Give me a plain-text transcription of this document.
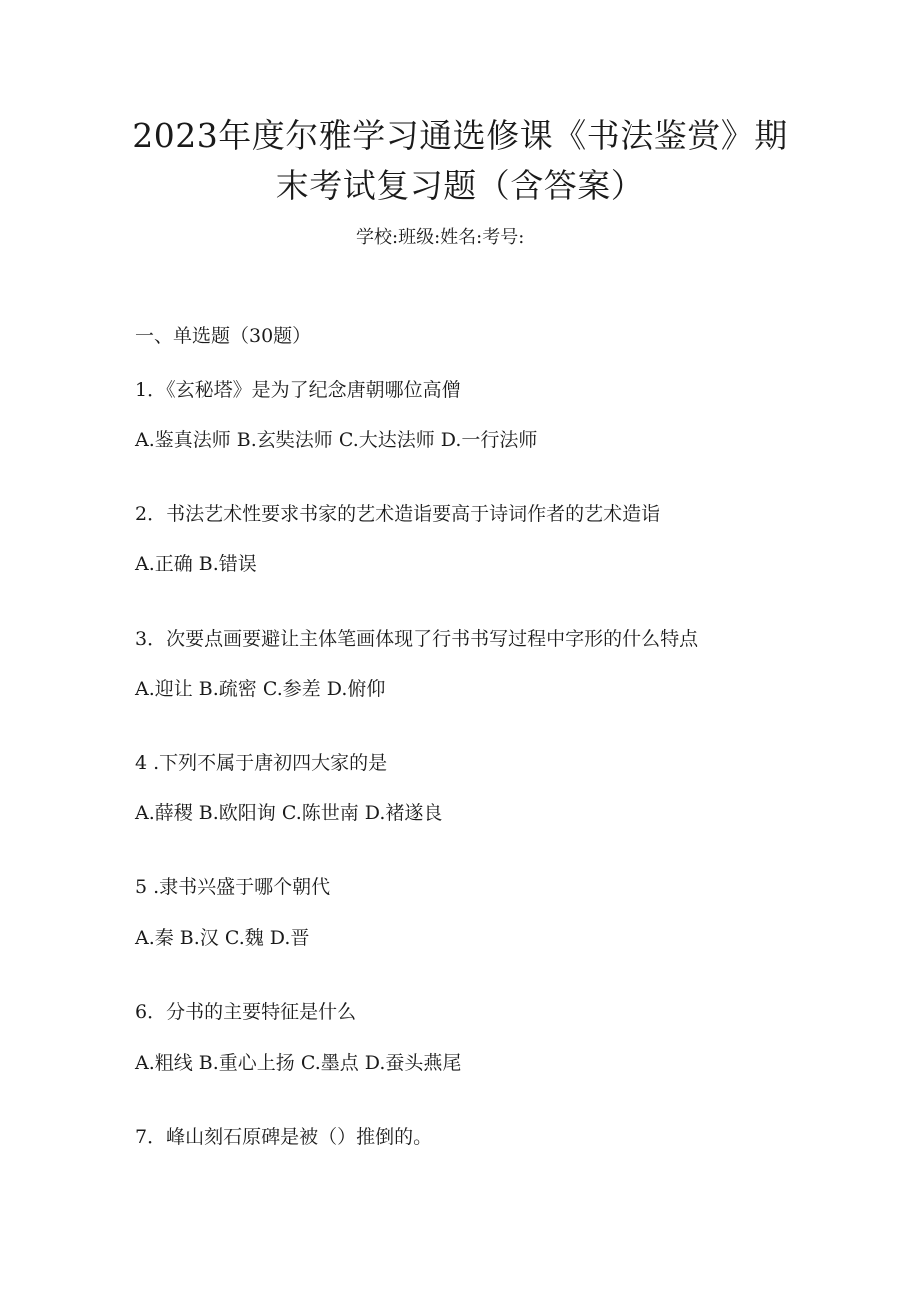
2023年度尔雅学习通选修课《书法鉴赏》期
末考试复习题（含答案）
学校:班级:姓名:考号:
一、单选题（30题）
1．《玄秘塔》是为了纪念唐朝哪位高僧
A.鉴真法师 B.玄奘法师 C.大达法师 D.一行法师
2．书法艺术性要求书家的艺术造诣要高于诗词作者的艺术造诣
A.正确 B.错误
3．次要点画要避让主体笔画体现了行书书写过程中字形的什么特点
A.迎让 B.疏密 C.参差 D.俯仰
4 .下列不属于唐初四大家的是
A.薛稷 B.欧阳询 C.陈世南 D.褚遂良
5 .隶书兴盛于哪个朝代
A.秦 B.汉 C.魏 D.晋
6．分书的主要特征是什么
A.粗线 B.重心上扬 C.墨点 D.蚕头燕尾
7．峰山刻石原碑是被（）推倒的。
